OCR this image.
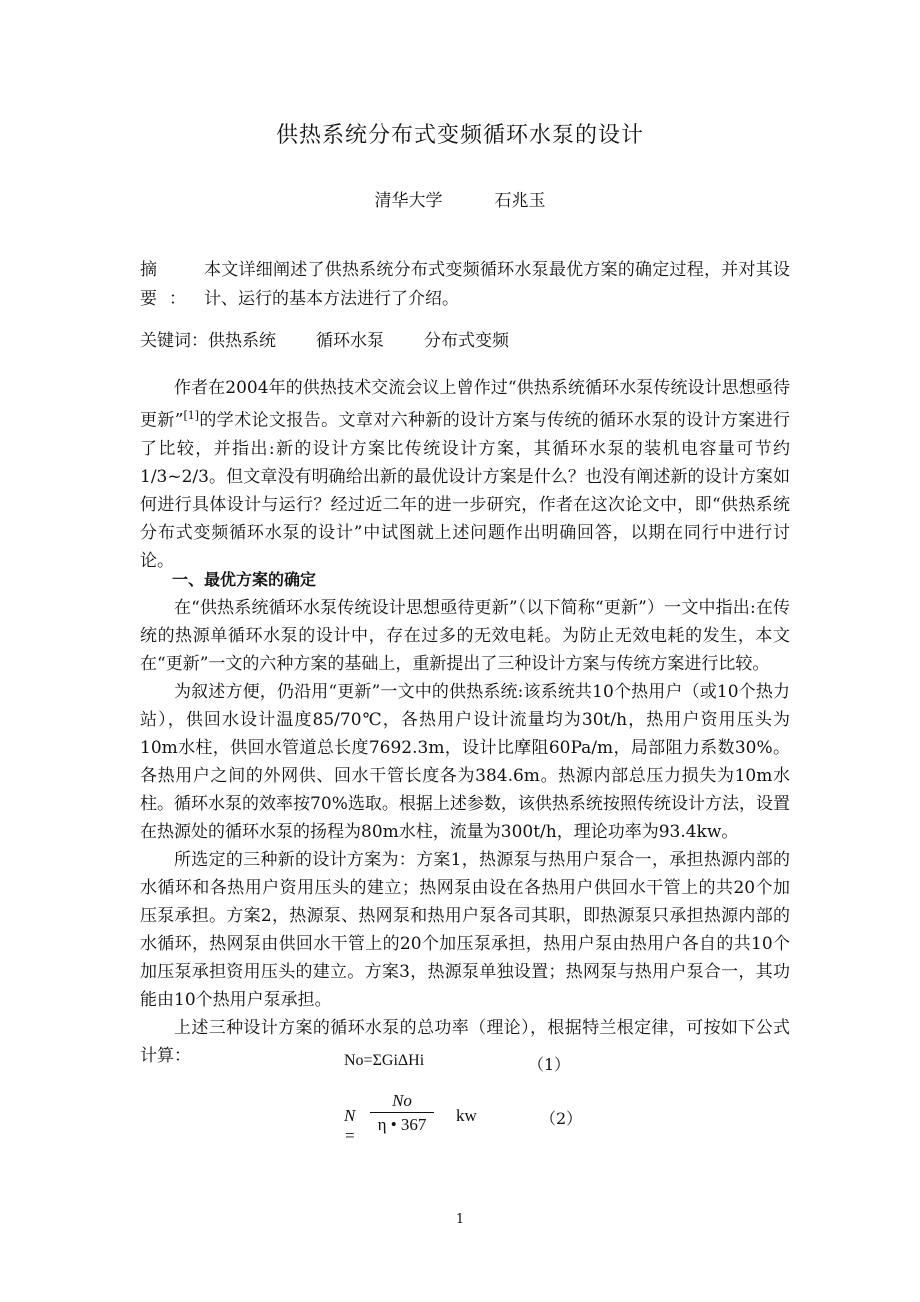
供热系统分布式变频循环水泵的设计
清华大学	石兆玉
摘要：
本文详细阐述了供热系统分布式变频循环水泵最优方案的确定过程，并对其设计、运行的基本方法进行了介绍。
关键词：供热系统 循环水泵 分布式变频

作者在2004年的供热技术交流会议上曾作过“供热系统循环水泵传统设计思想亟待更新”[1]的学术论文报告。文章对六种新的设计方案与传统的循环水泵的设计方案进行了比较，并指出:新的设计方案比传统设计方案，其循环水泵的装机电容量可节约1/3~2/3。但文章没有明确给出新的最优设计方案是什么？也没有阐述新的设计方案如何进行具体设计与运行？经过近二年的进一步研究，作者在这次论文中，即“供热系统分布式变频循环水泵的设计”中试图就上述问题作出明确回答，以期在同行中进行讨论。

一、最优方案的确定

在“供热系统循环水泵传统设计思想亟待更新”（以下简称“更新”）一文中指出:在传统的热源单循环水泵的设计中，存在过多的无效电耗。为防止无效电耗的发生，本文在“更新”一文的六种方案的基础上，重新提出了三种设计方案与传统方案进行比较。

为叙述方便，仍沿用“更新”一文中的供热系统:该系统共10个热用户（或10个热力站），供回水设计温度85/70℃，各热用户设计流量均为30t/h，热用户资用压头为10m水柱，供回水管道总长度7692.3m，设计比摩阻60Pa/m，局部阻力系数30%。各热用户之间的外网供、回水干管长度各为384.6m。热源内部总压力损失为10m水柱。循环水泵的效率按70%选取。根据上述参数，该供热系统按照传统设计方法，设置在热源处的循环水泵的扬程为80m水柱，流量为300t/h，理论功率为93.4kw。

所选定的三种新的设计方案为：方案1，热源泵与热用户泵合一，承担热源内部的水循环和各热用户资用压头的建立；热网泵由设在各热用户供回水干管上的共20个加压泵承担。方案2，热源泵、热网泵和热用户泵各司其职，即热源泵只承担热源内部的水循环，热网泵由供回水干管上的20个加压泵承担，热用户泵由热用户各自的共10个加压泵承担资用压头的建立。方案3，热源泵单独设置；热网泵与热用户泵合一，其功能由10个热用户泵承担。

上述三种设计方案的循环水泵的总功率（理论），根据特兰根定律，可按如下公式计算：	No=ΣGiΔHi	（1）
N =
No
η • 367	kw	（2）
1
